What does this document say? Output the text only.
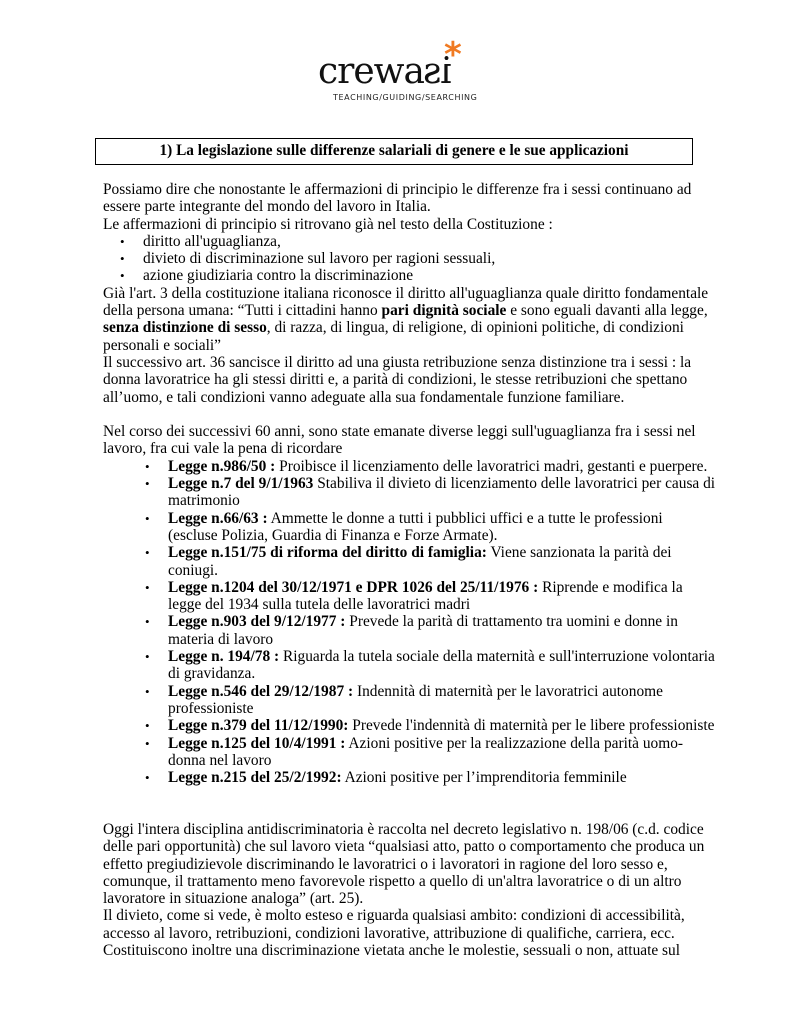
crewais
*
TEACHING/GUIDING/SEARCHING
1) La legislazione sulle differenze salariali di genere e le sue applicazioni
Possiamo dire che nonostante le affermazioni di principio le differenze fra i sessi continuano ad
essere parte integrante del mondo del lavoro in Italia.
Le affermazioni di principio si ritrovano già nel testo della Costituzione :
• diritto all'uguaglianza,
• divieto di discriminazione sul lavoro per ragioni sessuali,
• azione giudiziaria contro la discriminazione
Già l'art. 3 della costituzione italiana riconosce il diritto all'uguaglianza quale diritto fondamentale
della persona umana: “Tutti i cittadini hanno pari dignità sociale e sono eguali davanti alla legge,
senza distinzione di sesso, di razza, di lingua, di religione, di opinioni politiche, di condizioni
personali e sociali”
Il successivo art. 36 sancisce il diritto ad una giusta retribuzione senza distinzione tra i sessi : la
donna lavoratrice ha gli stessi diritti e, a parità di condizioni, le stesse retribuzioni che spettano
all’uomo, e tali condizioni vanno adeguate alla sua fondamentale funzione familiare.
Nel corso dei successivi 60 anni, sono state emanate diverse leggi sull'uguaglianza fra i sessi nel
lavoro, fra cui vale la pena di ricordare
• Legge n.986/50 : Proibisce il licenziamento delle lavoratrici madri, gestanti e puerpere.
• Legge n.7 del 9/1/1963 Stabiliva il divieto di licenziamento delle lavoratrici per causa di
matrimonio
• Legge n.66/63 : Ammette le donne a tutti i pubblici uffici e a tutte le professioni
(escluse Polizia, Guardia di Finanza e Forze Armate).
• Legge n.151/75 di riforma del diritto di famiglia: Viene sanzionata la parità dei
coniugi.
• Legge n.1204 del 30/12/1971 e DPR 1026 del 25/11/1976 : Riprende e modifica la
legge del 1934 sulla tutela delle lavoratrici madri
• Legge n.903 del 9/12/1977 : Prevede la parità di trattamento tra uomini e donne in
materia di lavoro
• Legge n. 194/78 : Riguarda la tutela sociale della maternità e sull'interruzione volontaria
di gravidanza.
• Legge n.546 del 29/12/1987 : Indennità di maternità per le lavoratrici autonome
professioniste
• Legge n.379 del 11/12/1990: Prevede l'indennità di maternità per le libere professioniste
• Legge n.125 del 10/4/1991 : Azioni positive per la realizzazione della parità uomo-
donna nel lavoro
• Legge n.215 del 25/2/1992: Azioni positive per l’imprenditoria femminile
Oggi l'intera disciplina antidiscriminatoria è raccolta nel decreto legislativo n. 198/06 (c.d. codice
delle pari opportunità) che sul lavoro vieta “qualsiasi atto, patto o comportamento che produca un
effetto pregiudizievole discriminando le lavoratrici o i lavoratori in ragione del loro sesso e,
comunque, il trattamento meno favorevole rispetto a quello di un'altra lavoratrice o di un altro
lavoratore in situazione analoga” (art. 25).
Il divieto, come si vede, è molto esteso e riguarda qualsiasi ambito: condizioni di accessibilità,
accesso al lavoro, retribuzioni, condizioni lavorative, attribuzione di qualifiche, carriera, ecc.
Costituiscono inoltre una discriminazione vietata anche le molestie, sessuali o non, attuate sul
